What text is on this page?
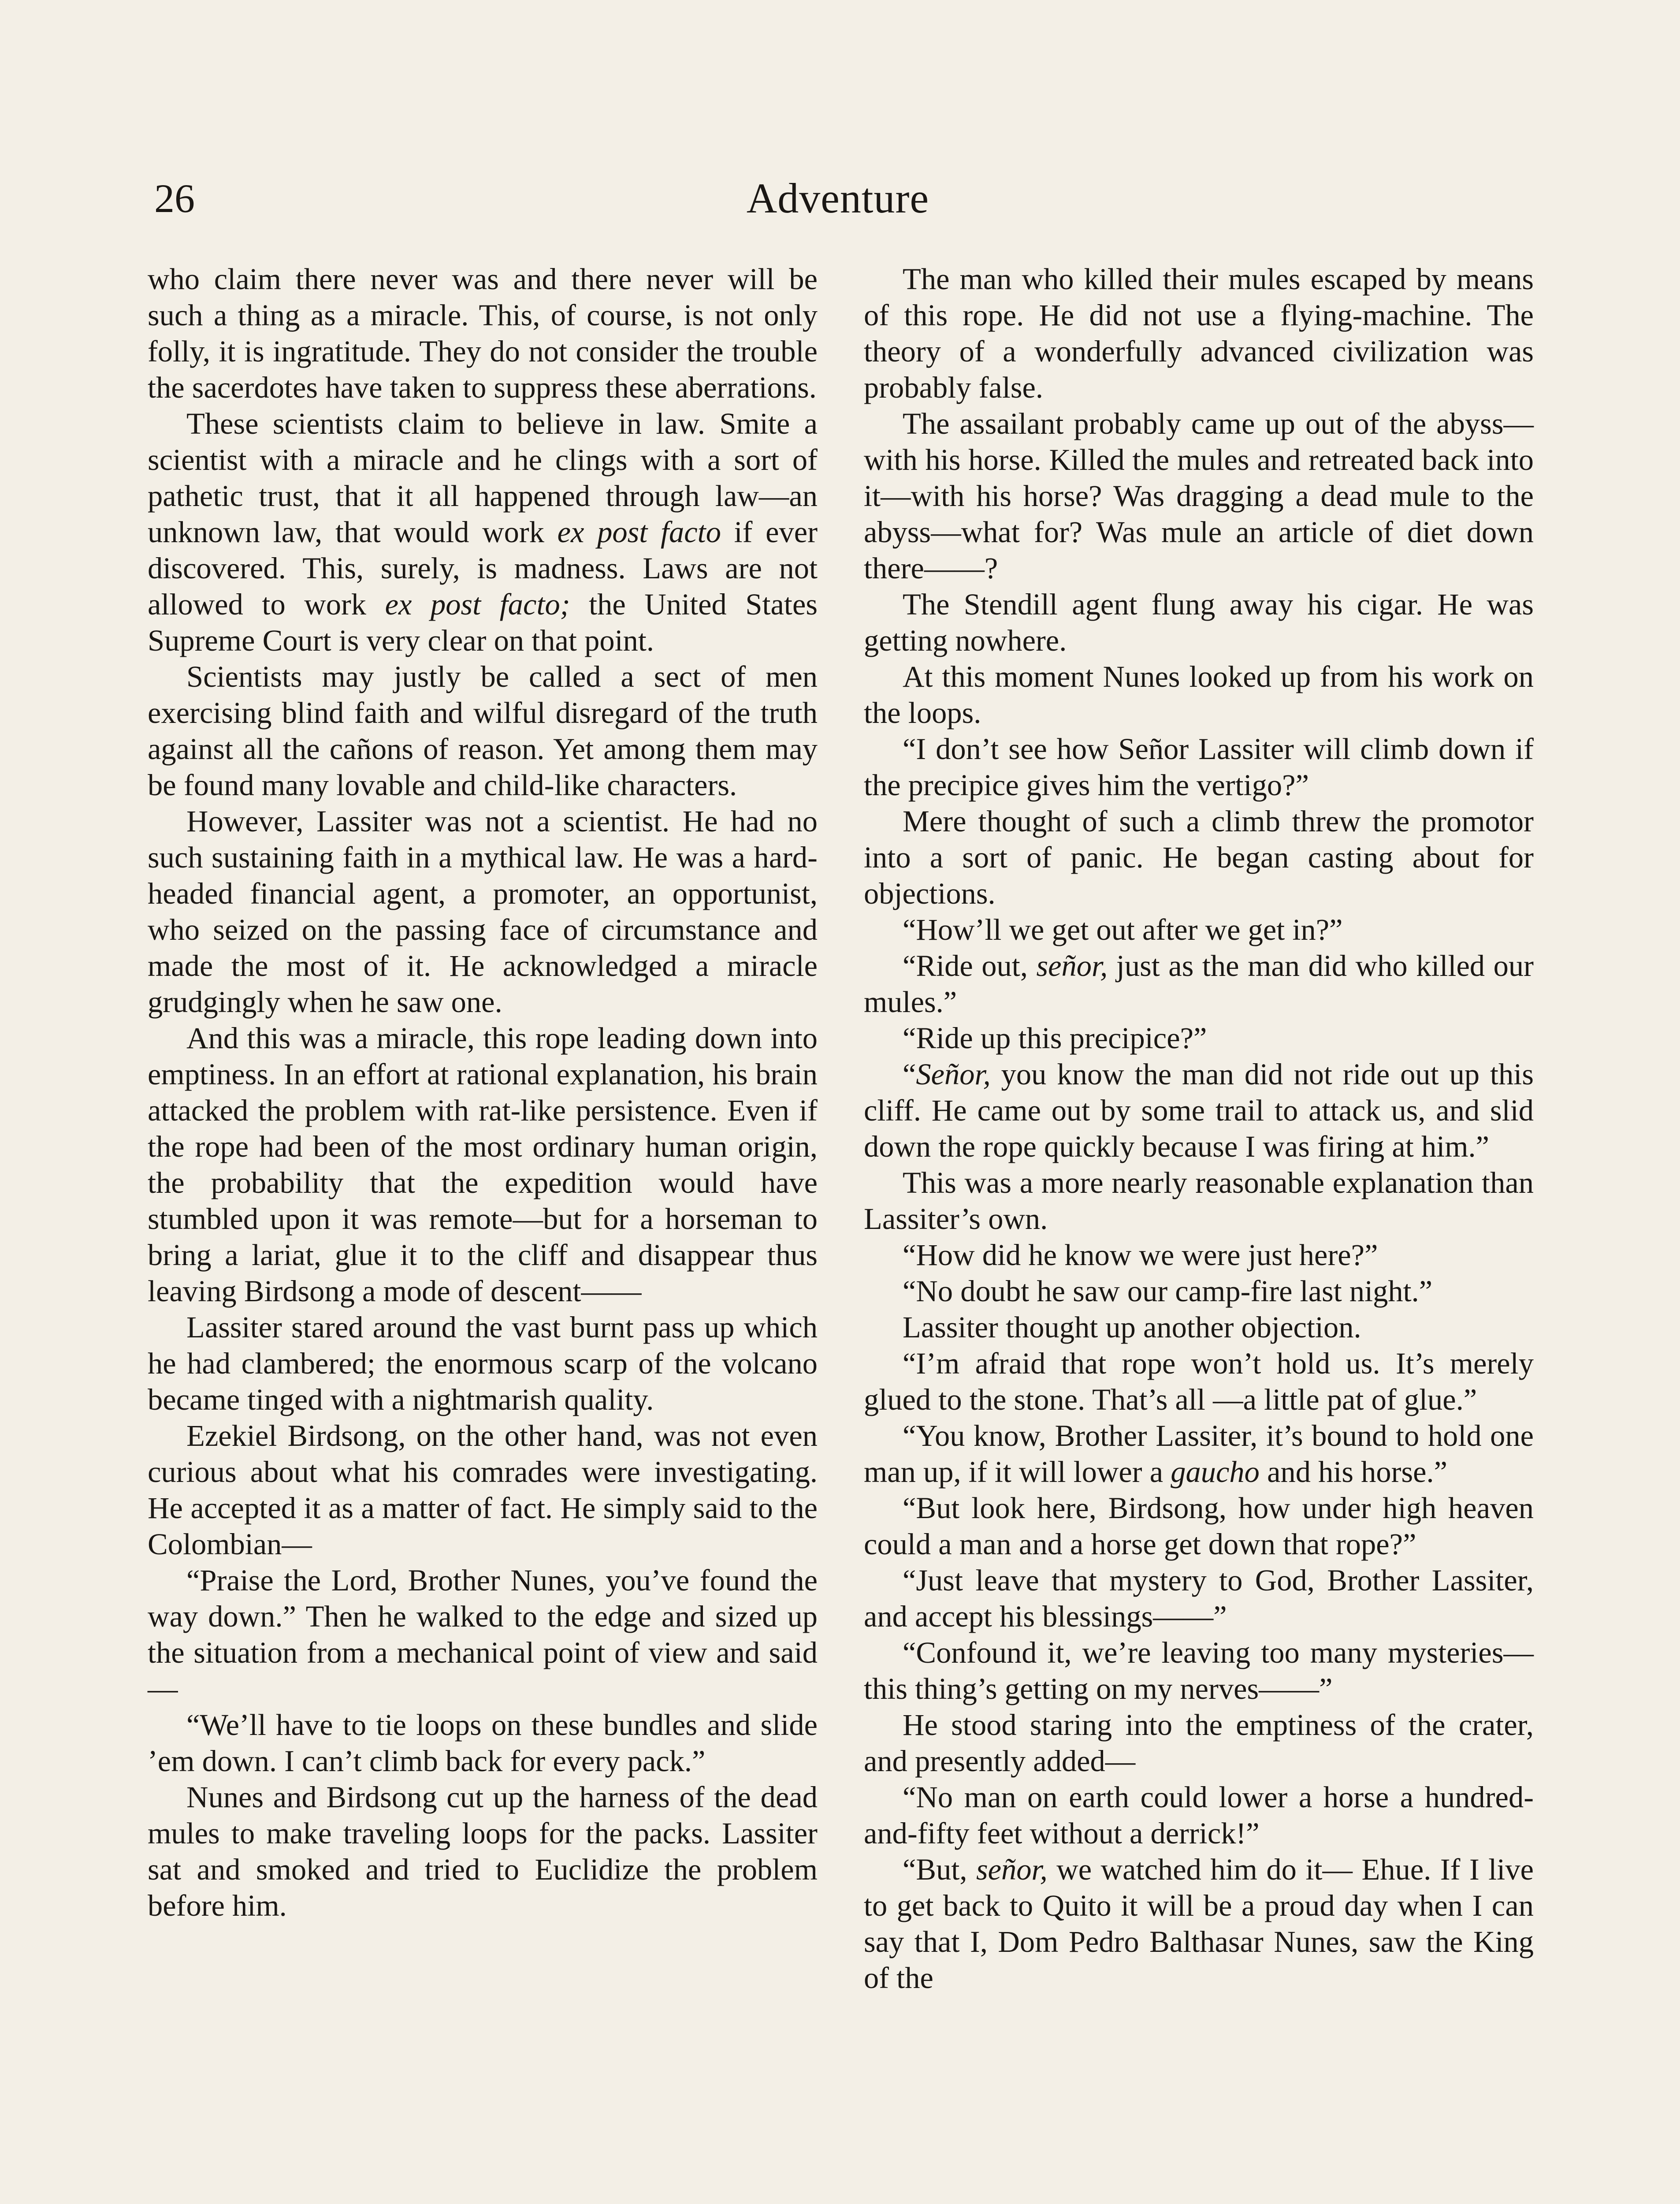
26	Adventure

who claim there never was and there never will be such a thing as a miracle. This, of course, is not only folly, it is ingratitude. They do not consider the trouble the sacerdotes have taken to suppress these aberrations.

These scientists claim to believe in law. Smite a scientist with a miracle and he clings with a sort of pathetic trust, that it all happened through law—an unknown law, that would work ex post facto if ever discovered. This, surely, is madness. Laws are not allowed to work ex post facto; the United States Supreme Court is very clear on that point.

Scientists may justly be called a sect of men exercising blind faith and wilful disregard of the truth against all the cañons of reason. Yet among them may be found many lovable and child-like characters.

However, Lassiter was not a scientist. He had no such sustaining faith in a mythical law. He was a hard-headed financial agent, a promoter, an opportunist, who seized on the passing face of circumstance and made the most of it. He acknowledged a miracle grudgingly when he saw one.

And this was a miracle, this rope leading down into emptiness. In an effort at rational explanation, his brain attacked the problem with rat-like persistence. Even if the rope had been of the most ordinary human origin, the probability that the expedition would have stumbled upon it was remote—but for a horseman to bring a lariat, glue it to the cliff and disappear thus leaving Birdsong a mode of descent——

Lassiter stared around the vast burnt pass up which he had clambered; the enormous scarp of the volcano became tinged with a nightmarish quality.

Ezekiel Birdsong, on the other hand, was not even curious about what his comrades were investigating. He accepted it as a matter of fact. He simply said to the Colombian—

“Praise the Lord, Brother Nunes, you’ve found the way down.” Then he walked to the edge and sized up the situation from a mechanical point of view and said—

“We’ll have to tie loops on these bundles and slide ’em down. I can’t climb back for every pack.”

Nunes and Birdsong cut up the harness of the dead mules to make traveling loops for the packs. Lassiter sat and smoked and tried to Euclidize the problem before him.

The man who killed their mules escaped by means of this rope. He did not use a flying-machine. The theory of a wonderfully advanced civilization was probably false.

The assailant probably came up out of the abyss—with his horse. Killed the mules and retreated back into it—with his horse? Was dragging a dead mule to the abyss—what for? Was mule an article of diet down there——?

The Stendill agent flung away his cigar. He was getting nowhere.

At this moment Nunes looked up from his work on the loops.

“I don’t see how Señor Lassiter will climb down if the precipice gives him the vertigo?”

Mere thought of such a climb threw the promotor into a sort of panic. He began casting about for objections.

“How’ll we get out after we get in?”

“Ride out, señor, just as the man did who killed our mules.”

“Ride up this precipice?”

“Señor, you know the man did not ride out up this cliff. He came out by some trail to attack us, and slid down the rope quickly because I was firing at him.”

This was a more nearly reasonable explanation than Lassiter’s own.

“How did he know we were just here?”

“No doubt he saw our camp-fire last night.”

Lassiter thought up another objection.

“I’m afraid that rope won’t hold us. It’s merely glued to the stone. That’s all —a little pat of glue.”

“You know, Brother Lassiter, it’s bound to hold one man up, if it will lower a gaucho and his horse.”

“But look here, Birdsong, how under high heaven could a man and a horse get down that rope?”

“Just leave that mystery to God, Brother Lassiter, and accept his blessings——”

“Confound it, we’re leaving too many mysteries—this thing’s getting on my nerves——”

He stood staring into the emptiness of the crater, and presently added—

“No man on earth could lower a horse a hundred-and-fifty feet without a derrick!”

“But, señor, we watched him do it— Ehue. If I live to get back to Quito it will be a proud day when I can say that I, Dom Pedro Balthasar Nunes, saw the King of the
